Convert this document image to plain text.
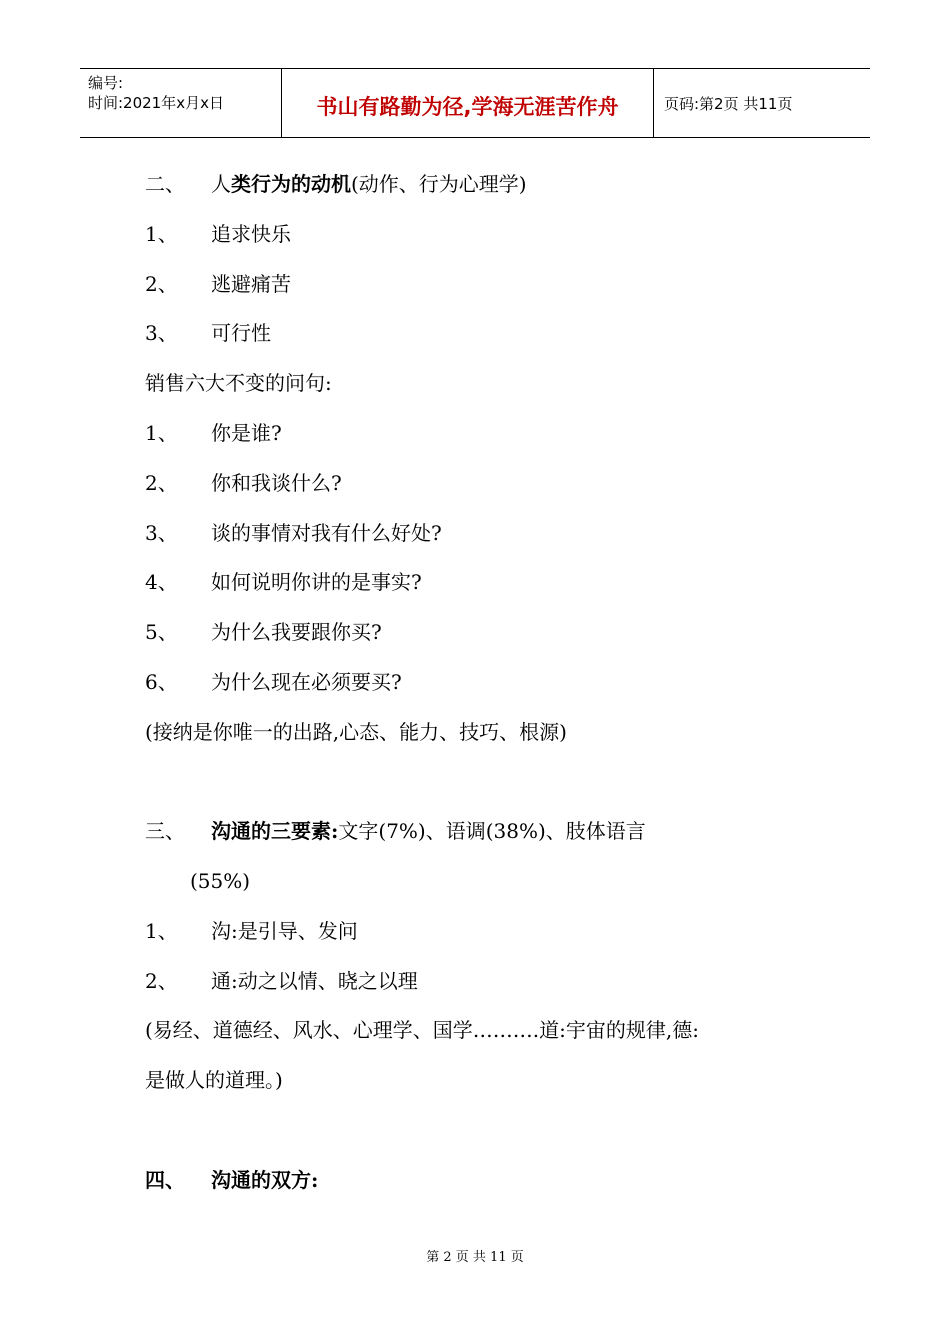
编号:
时间:2021年x月x日	书山有路勤为径,学海无涯苦作舟	页码:第2页 共11页
二、 人类行为的动机(动作、行为心理学)
1、 追求快乐
2、 逃避痛苦
3、 可行性
销售六大不变的问句:
1、 你是谁?
2、 你和我谈什么?
3、 谈的事情对我有什么好处?
4、 如何说明你讲的是事实?
5、 为什么我要跟你买?
6、 为什么现在必须要买?
(接纳是你唯一的出路,心态、能力、技巧、根源)
三、 沟通的三要素:文字(7%)、语调(38%)、肢体语言
(55%)
1、 沟:是引导、发问
2、 通:动之以情、晓之以理
(易经、道德经、风水、心理学、国学……….道:宇宙的规律,德:
是做人的道理。)
四、 沟通的双方:
第 2 页 共 11 页
